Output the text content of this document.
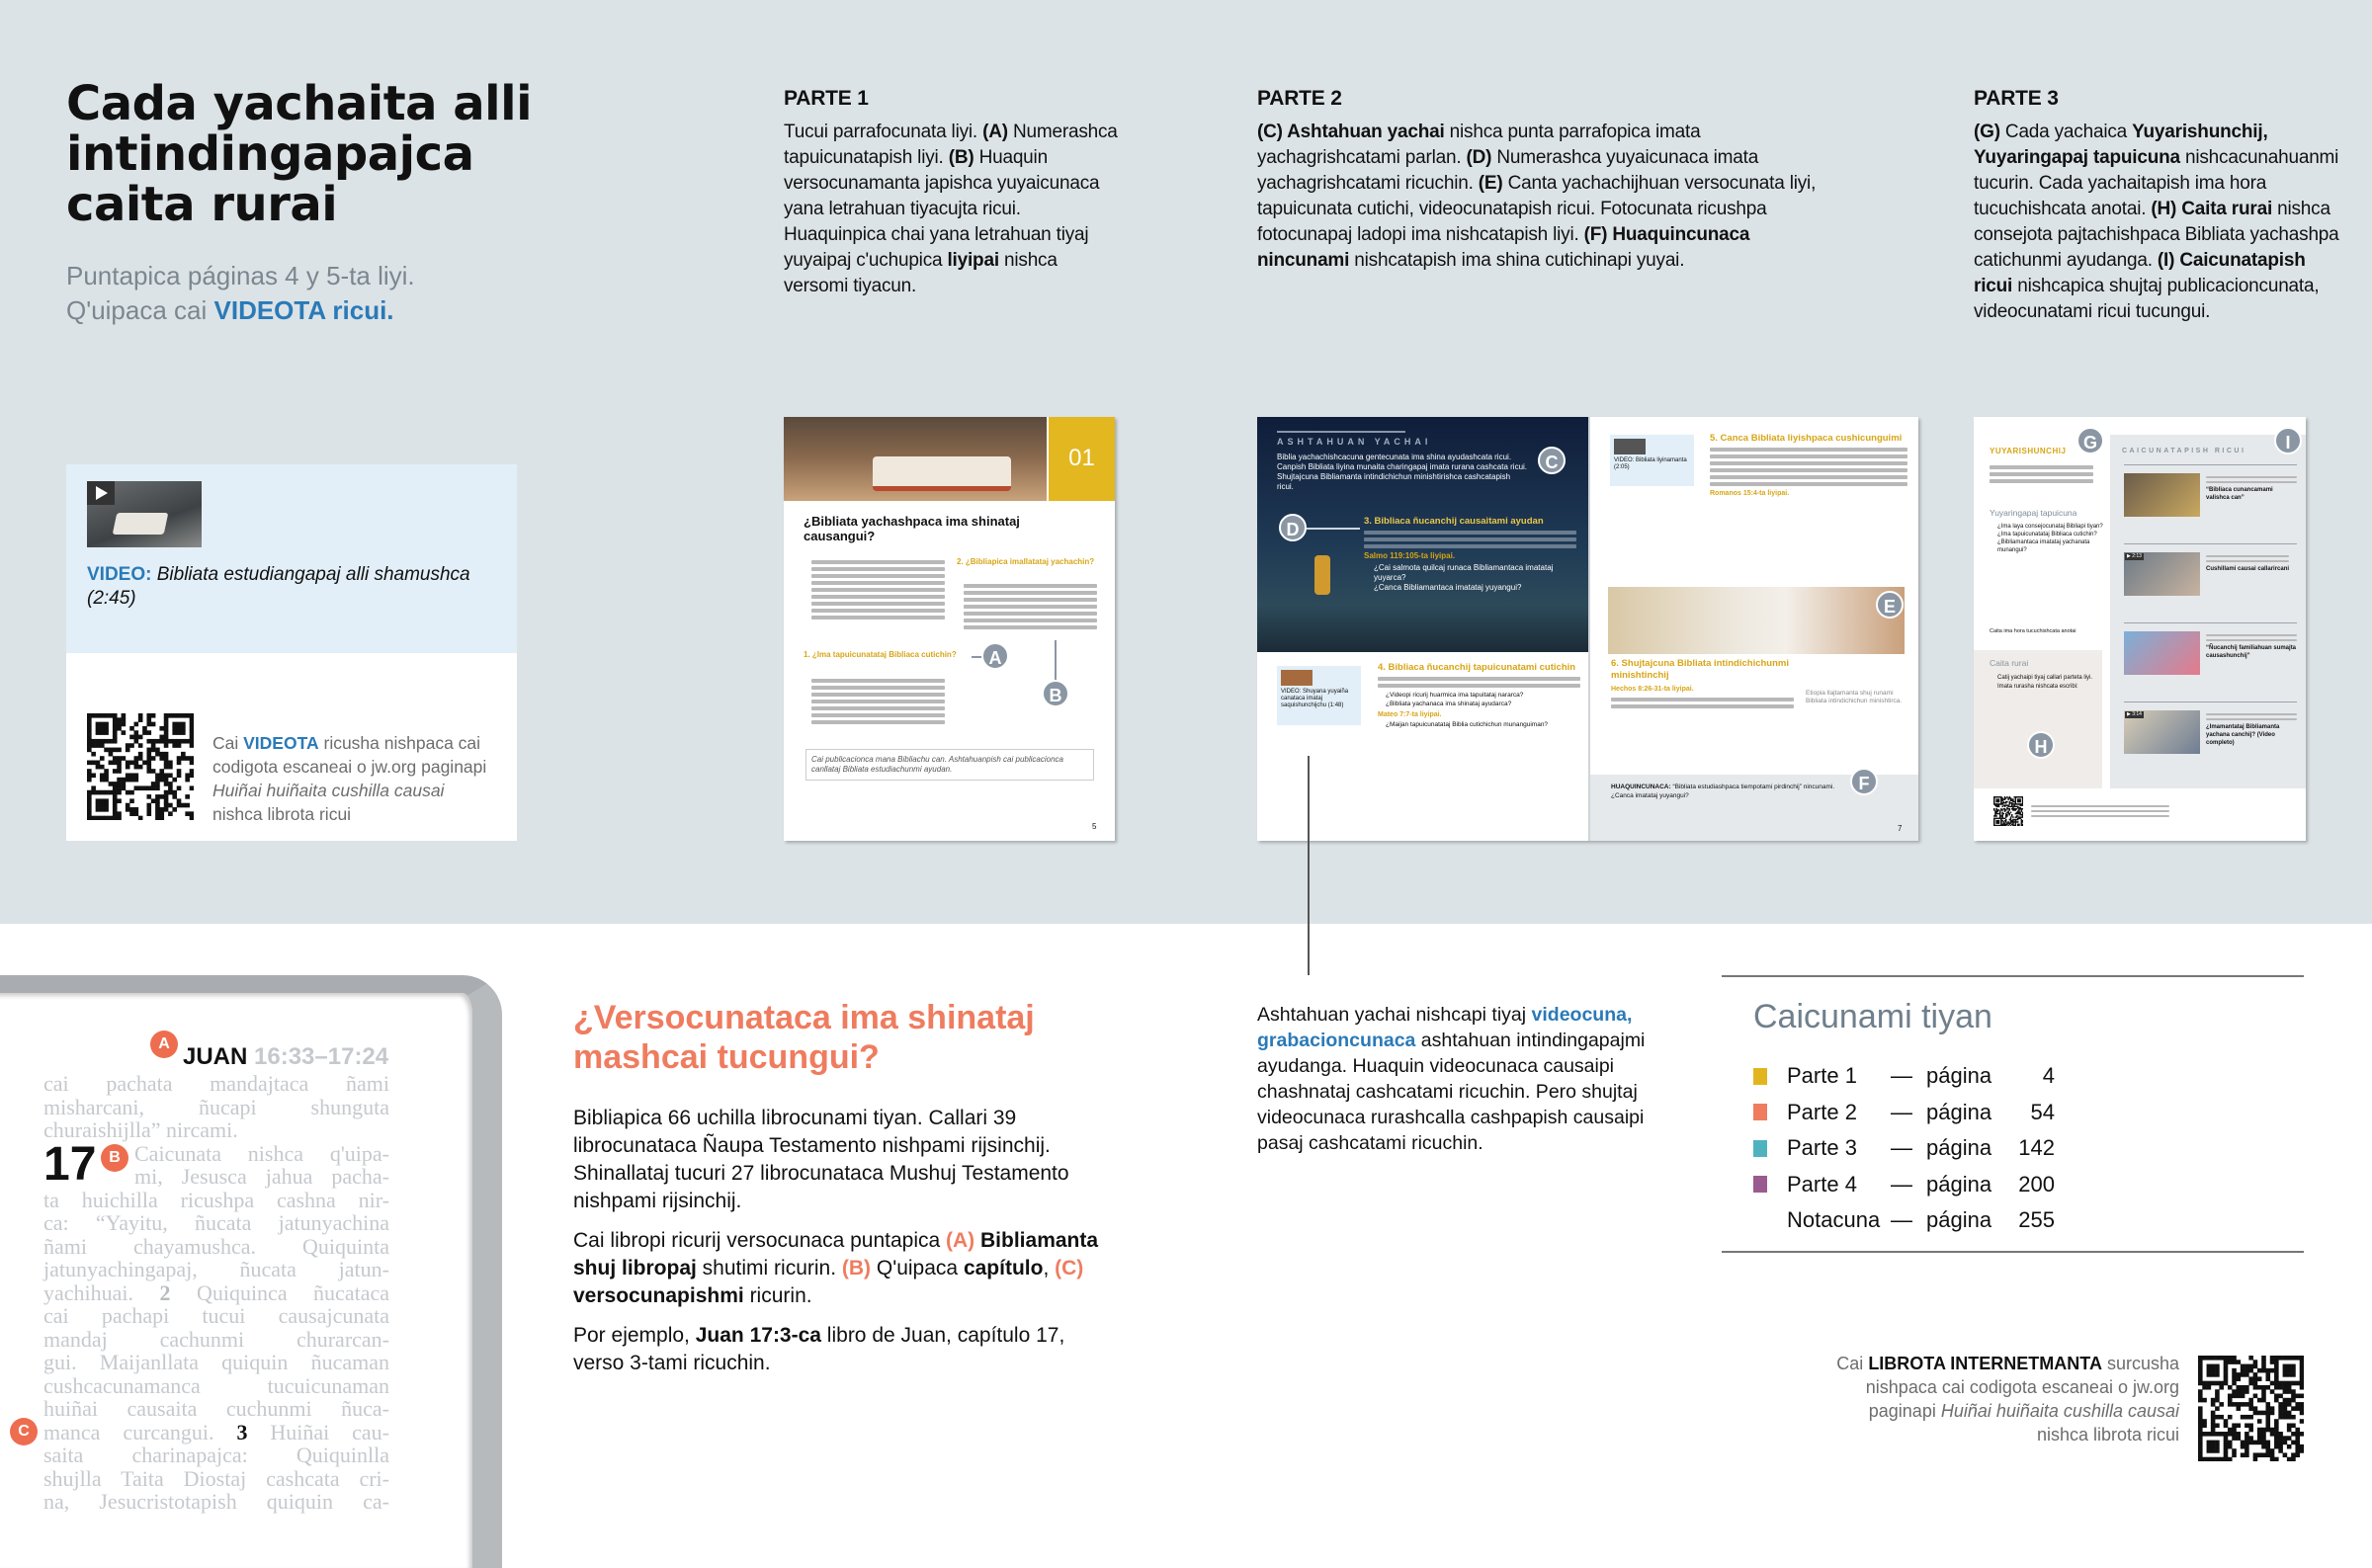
Cada yachaita alli
intindingapajca
caita rurai
Puntapica páginas 4 y 5-ta liyi.
Q'uipaca cai VIDEOTA ricui.
VIDEO: Bibliata estudiangapaj alli shamushca (2:45)
Cai VIDEOTA ricusha nishpaca cai codigota escaneai o jw.org paginapi Huiñai huiñaita cushilla causai nishca librota ricui
PARTE 1
Tucui parrafocunata liyi. (A) Numerashca tapuicunatapish liyi. (B) Huaquin versocunamanta japishca yuyaicunaca yana letrahuan tiyacujta ricui. Huaquinpica chai yana letrahuan tiyaj yuyaipaj c'uchupica liyipai nishca versomi tiyacun.
PARTE 2
(C) Ashtahuan yachai nishca punta parrafopica imata yachagrishcatami parlan. (D) Numerashca yuyaicunaca imata yachagrishcatami ricuchin. (E) Canta yachachijhuan versocunata liyi, tapuicunata cutichi, videocunatapish ricui. Fotocunata ricushpa fotocunapaj ladopi ima nishcatapish liyi. (F) Huaquincunaca nincunami nishcatapish ima shina cutichinapi yuyai.
PARTE 3
(G) Cada yachaica Yuyarishunchij, Yuyaringapaj tapuicuna nishcacunahuanmi tucurin. Cada yachaitapish ima hora tucuchishcata anotai. (H) Caita rurai nishca consejota pajtachishpaca Bibliata yachashpa catichunmi ayudanga. (I) Caicunatapish ricui nishcapica shujtaj publicacioncunata, videocunatami ricui tucungui.
01
¿Bibliata yachashpaca ima shinataj causangui?
1. ¿Ima tapuicunatataj Bibliaca cutichin?
2. ¿Bibliapica imallatataj yachachin?
A
B
Cai publicacionca mana Bibliachu can. Ashtahuanpish cai publicacionca canllataj Bibliata estudiachunmi ayudan.
5
ASHTAHUAN YACHAI
Biblia yachachishcacuna gentecunata ima shina ayudashcata ricui. Canpish Bibliata liyina munaita charingapaj imata rurana cashcata ricui. Shujtajcuna Bibliamanta intindichichun minishtirishca cashcatapish ricui.
C
D	3. Bibliaca ñucanchij causaitami ayudan
Salmo 119:105-ta liyipai.
¿Cai salmota quilcaj runaca Bibliamantaca imatataj yuyarca?
¿Canca Bibliamantaca imatataj yuyangui?
VIDEO: Shuyana yuyaiña canataca imataj saquishunchijchu (1:48)
4. Bibliaca ñucanchij tapuicunatami cutichin
¿Videopi ricurij huarmica ima tapuitataj nararca?
¿Bibliata yachanaca ima shinataj ayudarca?
Mateo 7:7-ta liyipai.
¿Maijan tapuicunatataj Biblia cutichichun munanguiman?
VIDEO: Bibliata liyinamanta (2:05)
5. Canca Bibliata liyishpaca cushicunguimi
Romanos 15:4-ta liyipai.
E
6. Shujtajcuna Bibliata intindichichunmi minishtinchij
Hechos 8:26-31-ta liyipai.
Etiopia llajtamanta shuj runami Bibliata intindichichun minishtirca.
HUAQUINCUNACA: “Bibliata estudiashpaca tiempotami pirdinchij” nincunami.
¿Canca imatataj yuyangui?
F
7
YUYARISHUNCHIJ G
Yuyaringapaj tapuicuna
¿Ima laya consejocunataj Bibliapi tiyan?
¿Ima tapuicunatataj Bibliaca cutichin?
¿Bibliamantaca imatataj yachanata munangui?
Caita ima hora tucuchishcata anotai
Caita rurai
Catij yachaipi tiyaj callari parteta liyi.
Imata rurasha nishcata escribi:
H
CAICUNATAPISH RICUI	I
“Bibliaca cunancamami valishca can”
▶ 2:13
Cushillami causai callarircani
“Ñucanchij familiahuan sumajta causashunchij”
▶ 3:14
¿Imamantataj Bibliamanta yachana canchij? (Video completo)
A JUAN 16:33–17:24
cai pachata mandajtaca ñami
misharcani, ñucapi shunguta
churaishijlla” nircami.
17 B Caicunata nishca q'uipa-
mi, Jesusca jahua pacha-
ta huichilla ricushpa cashna nir-
ca: “Yayitu, ñucata jatunyachina
ñami chayamushca. Quiquinta
jatunyachingapaj, ñucata jatun-
yachihuai. 2 Quiquinca ñucataca
cai pachapi tucui causajcunata
mandaj cachunmi churarcan-
gui. Maijanllata quiquin ñucaman
cushcacunamanca tucuicunaman
huiñai causaita cuchunmi ñuca-
manca curcangui. 3 Huiñai cau-
saita charinapajca: Quiquinlla
shujlla Taita Diostaj cashcata cri-
na, Jesucristotapish quiquin ca-
C
¿Versocunataca ima shinataj mashcai tucungui?

Bibliapica 66 uchilla librocunami tiyan. Callari 39 librocunataca Ñaupa Testamento nishpami rijsinchij. Shinallataj tucuri 27 librocunataca Mushuj Testamento nishpami rijsinchij.

Cai libropi ricurij versocunaca puntapica (A) Bibliamanta shuj libropaj shutimi ricurin. (B) Q'uipaca capítulo, (C) versocunapishmi ricurin.

Por ejemplo, Juan 17:3-ca libro de Juan, capítulo 17, verso 3-tami ricuchin.

Ashtahuan yachai nishcapi tiyaj videocuna, grabacioncunaca ashtahuan intindingapajmi ayudanga. Huaquin videocunaca causaipi chashnataj cashcatami ricuchin. Pero shujtaj videocunaca rurashcalla cashpapish causaipi pasaj cashcatami ricuchin.
Caicunami tiyan
Parte 1	— página	4
Parte 2	— página	54
Parte 3	— página	142
Parte 4	— página	200
Notacuna — página	255
Cai LIBROTA INTERNETMANTA surcusha nishpaca cai codigota escaneai o jw.org paginapi Huiñai huiñaita cushilla causai nishca librota ricui
